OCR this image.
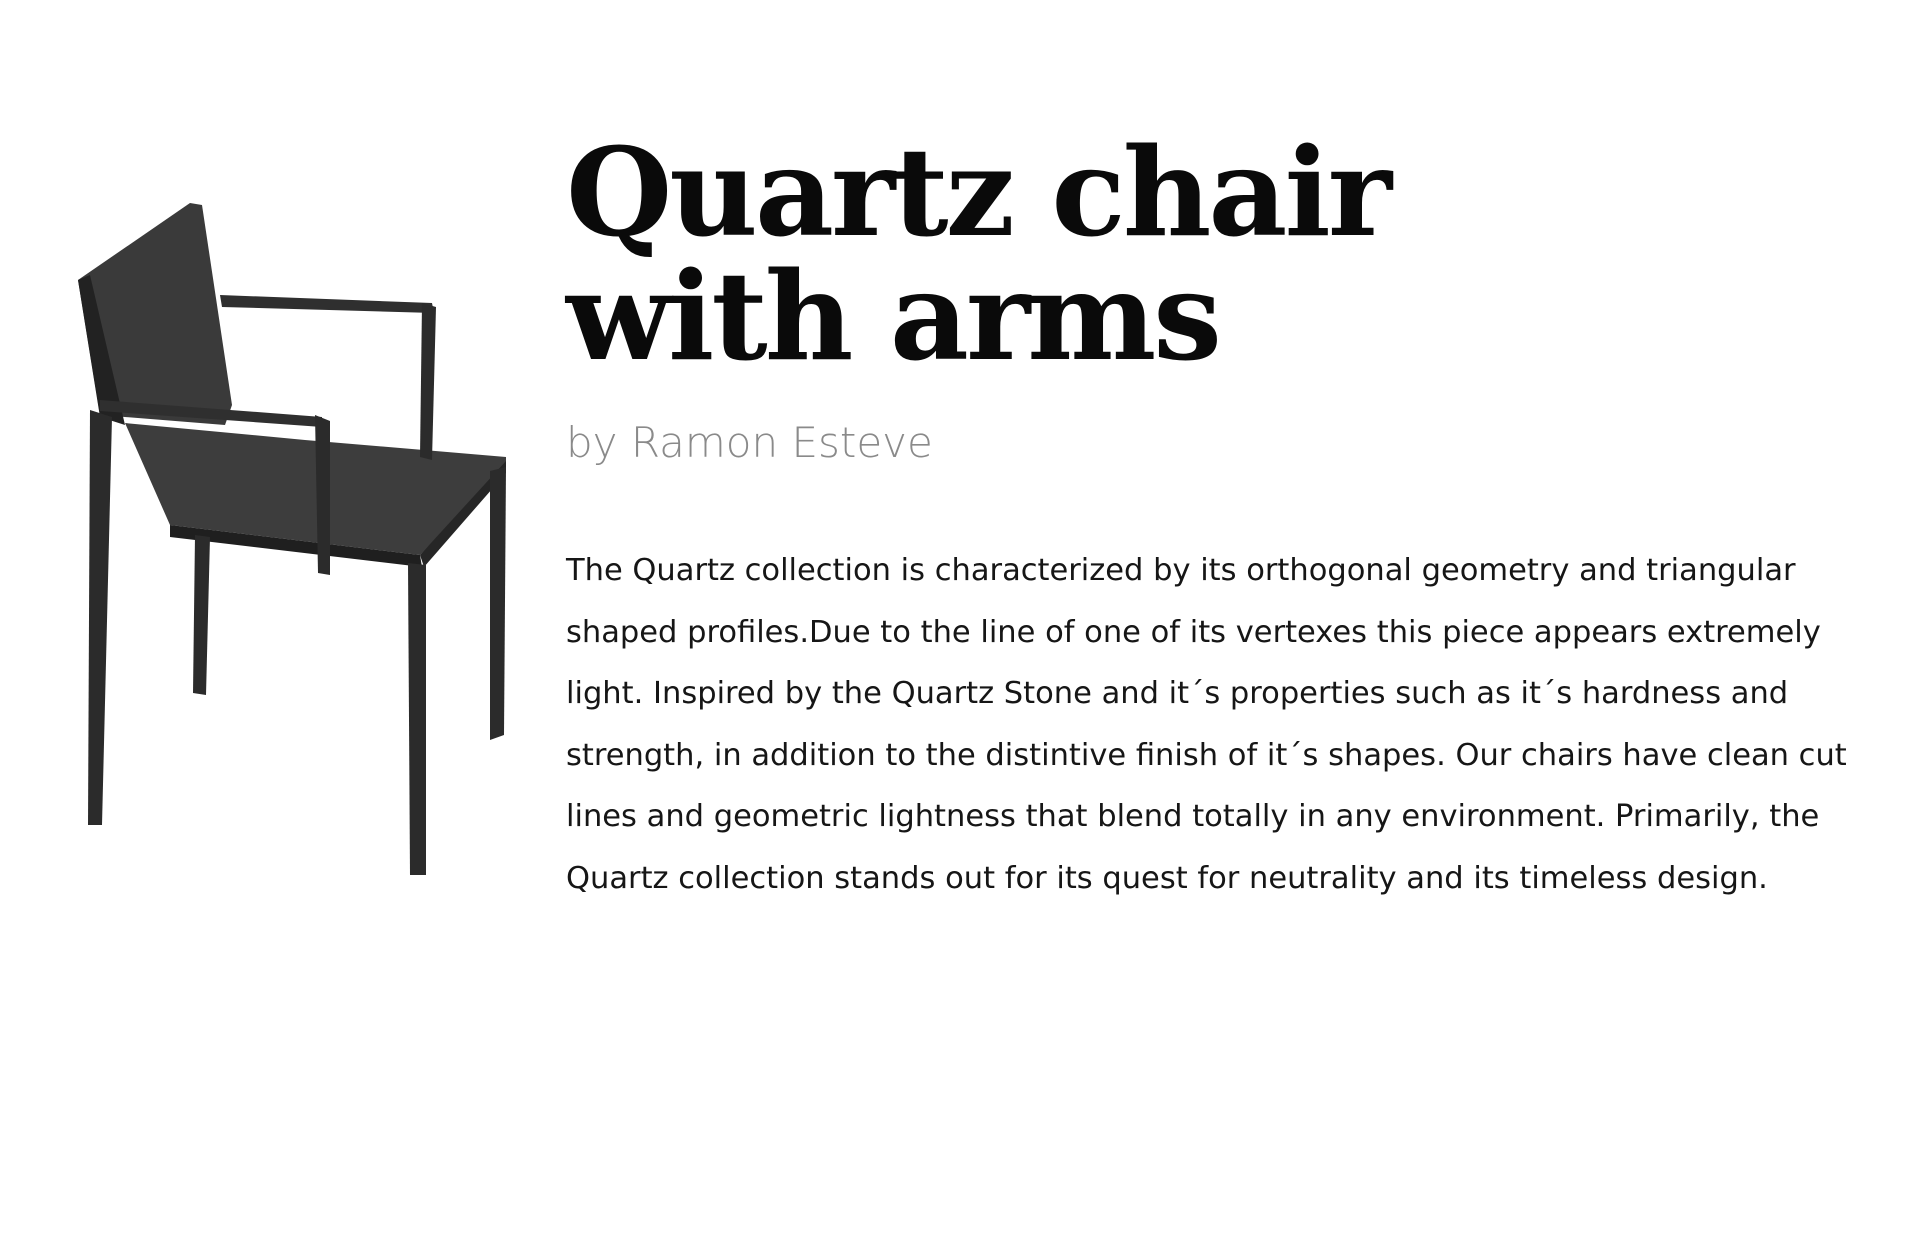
Quartz chair with arms
by Ramon Esteve

The Quartz collection is characterized by its orthogonal geometry and triangular shaped profiles.Due to the line of one of its vertexes this piece appears extremely light. Inspired by the Quartz Stone and it´s properties such as it´s hardness and strength, in addition to the distintive finish of it´s shapes. Our chairs have clean cut lines and geometric lightness that blend totally in any environment. Primarily, the Quartz collection stands out for its quest for neutrality and its timeless design.
